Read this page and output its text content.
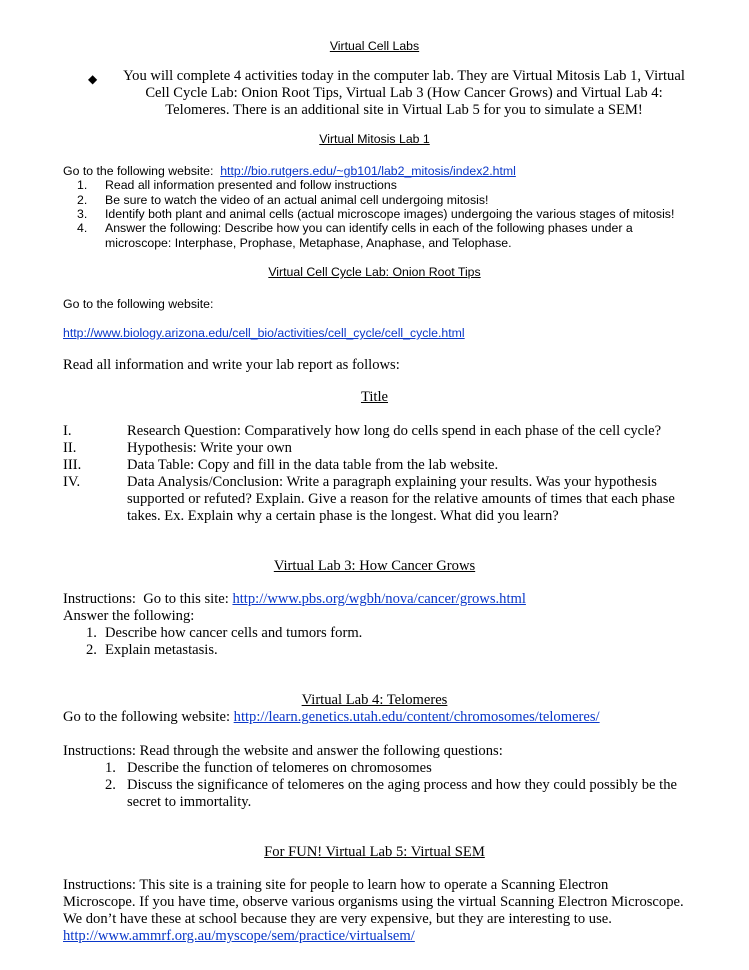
Virtual Cell Labs
◆	You will complete 4 activities today in the computer lab. They are Virtual Mitosis Lab 1, Virtual
Cell Cycle Lab: Onion Root Tips, Virtual Lab 3 (How Cancer Grows) and Virtual Lab 4:
Telomeres. There is an additional site in Virtual Lab 5 for you to simulate a SEM!
Virtual Mitosis Lab 1
Go to the following website:  http://bio.rutgers.edu/~gb101/lab2_mitosis/index2.html
1.	Read all information presented and follow instructions
2.	Be sure to watch the video of an actual animal cell undergoing mitosis!
3.	Identify both plant and animal cells (actual microscope images) undergoing the various stages of mitosis!
4.	Answer the following: Describe how you can identify cells in each of the following phases under a
microscope: Interphase, Prophase, Metaphase, Anaphase, and Telophase.
Virtual Cell Cycle Lab: Onion Root Tips
Go to the following website:
http://www.biology.arizona.edu/cell_bio/activities/cell_cycle/cell_cycle.html
Read all information and write your lab report as follows:
Title
I.	Research Question: Comparatively how long do cells spend in each phase of the cell cycle?
II.	Hypothesis: Write your own
III.	Data Table: Copy and fill in the data table from the lab website.
IV.	Data Analysis/Conclusion: Write a paragraph explaining your results. Was your hypothesis
supported or refuted? Explain. Give a reason for the relative amounts of times that each phase
takes. Ex. Explain why a certain phase is the longest. What did you learn?
Virtual Lab 3: How Cancer Grows
Instructions:  Go to this site: http://www.pbs.org/wgbh/nova/cancer/grows.html
Answer the following:
1. Describe how cancer cells and tumors form.
2. Explain metastasis.
Virtual Lab 4: Telomeres
Go to the following website: http://learn.genetics.utah.edu/content/chromosomes/telomeres/
Instructions: Read through the website and answer the following questions:
1. Describe the function of telomeres on chromosomes
2. Discuss the significance of telomeres on the aging process and how they could possibly be the
secret to immortality.
For FUN! Virtual Lab 5: Virtual SEM
Instructions: This site is a training site for people to learn how to operate a Scanning Electron
Microscope. If you have time, observe various organisms using the virtual Scanning Electron Microscope.
We don’t have these at school because they are very expensive, but they are interesting to use.
http://www.ammrf.org.au/myscope/sem/practice/virtualsem/
